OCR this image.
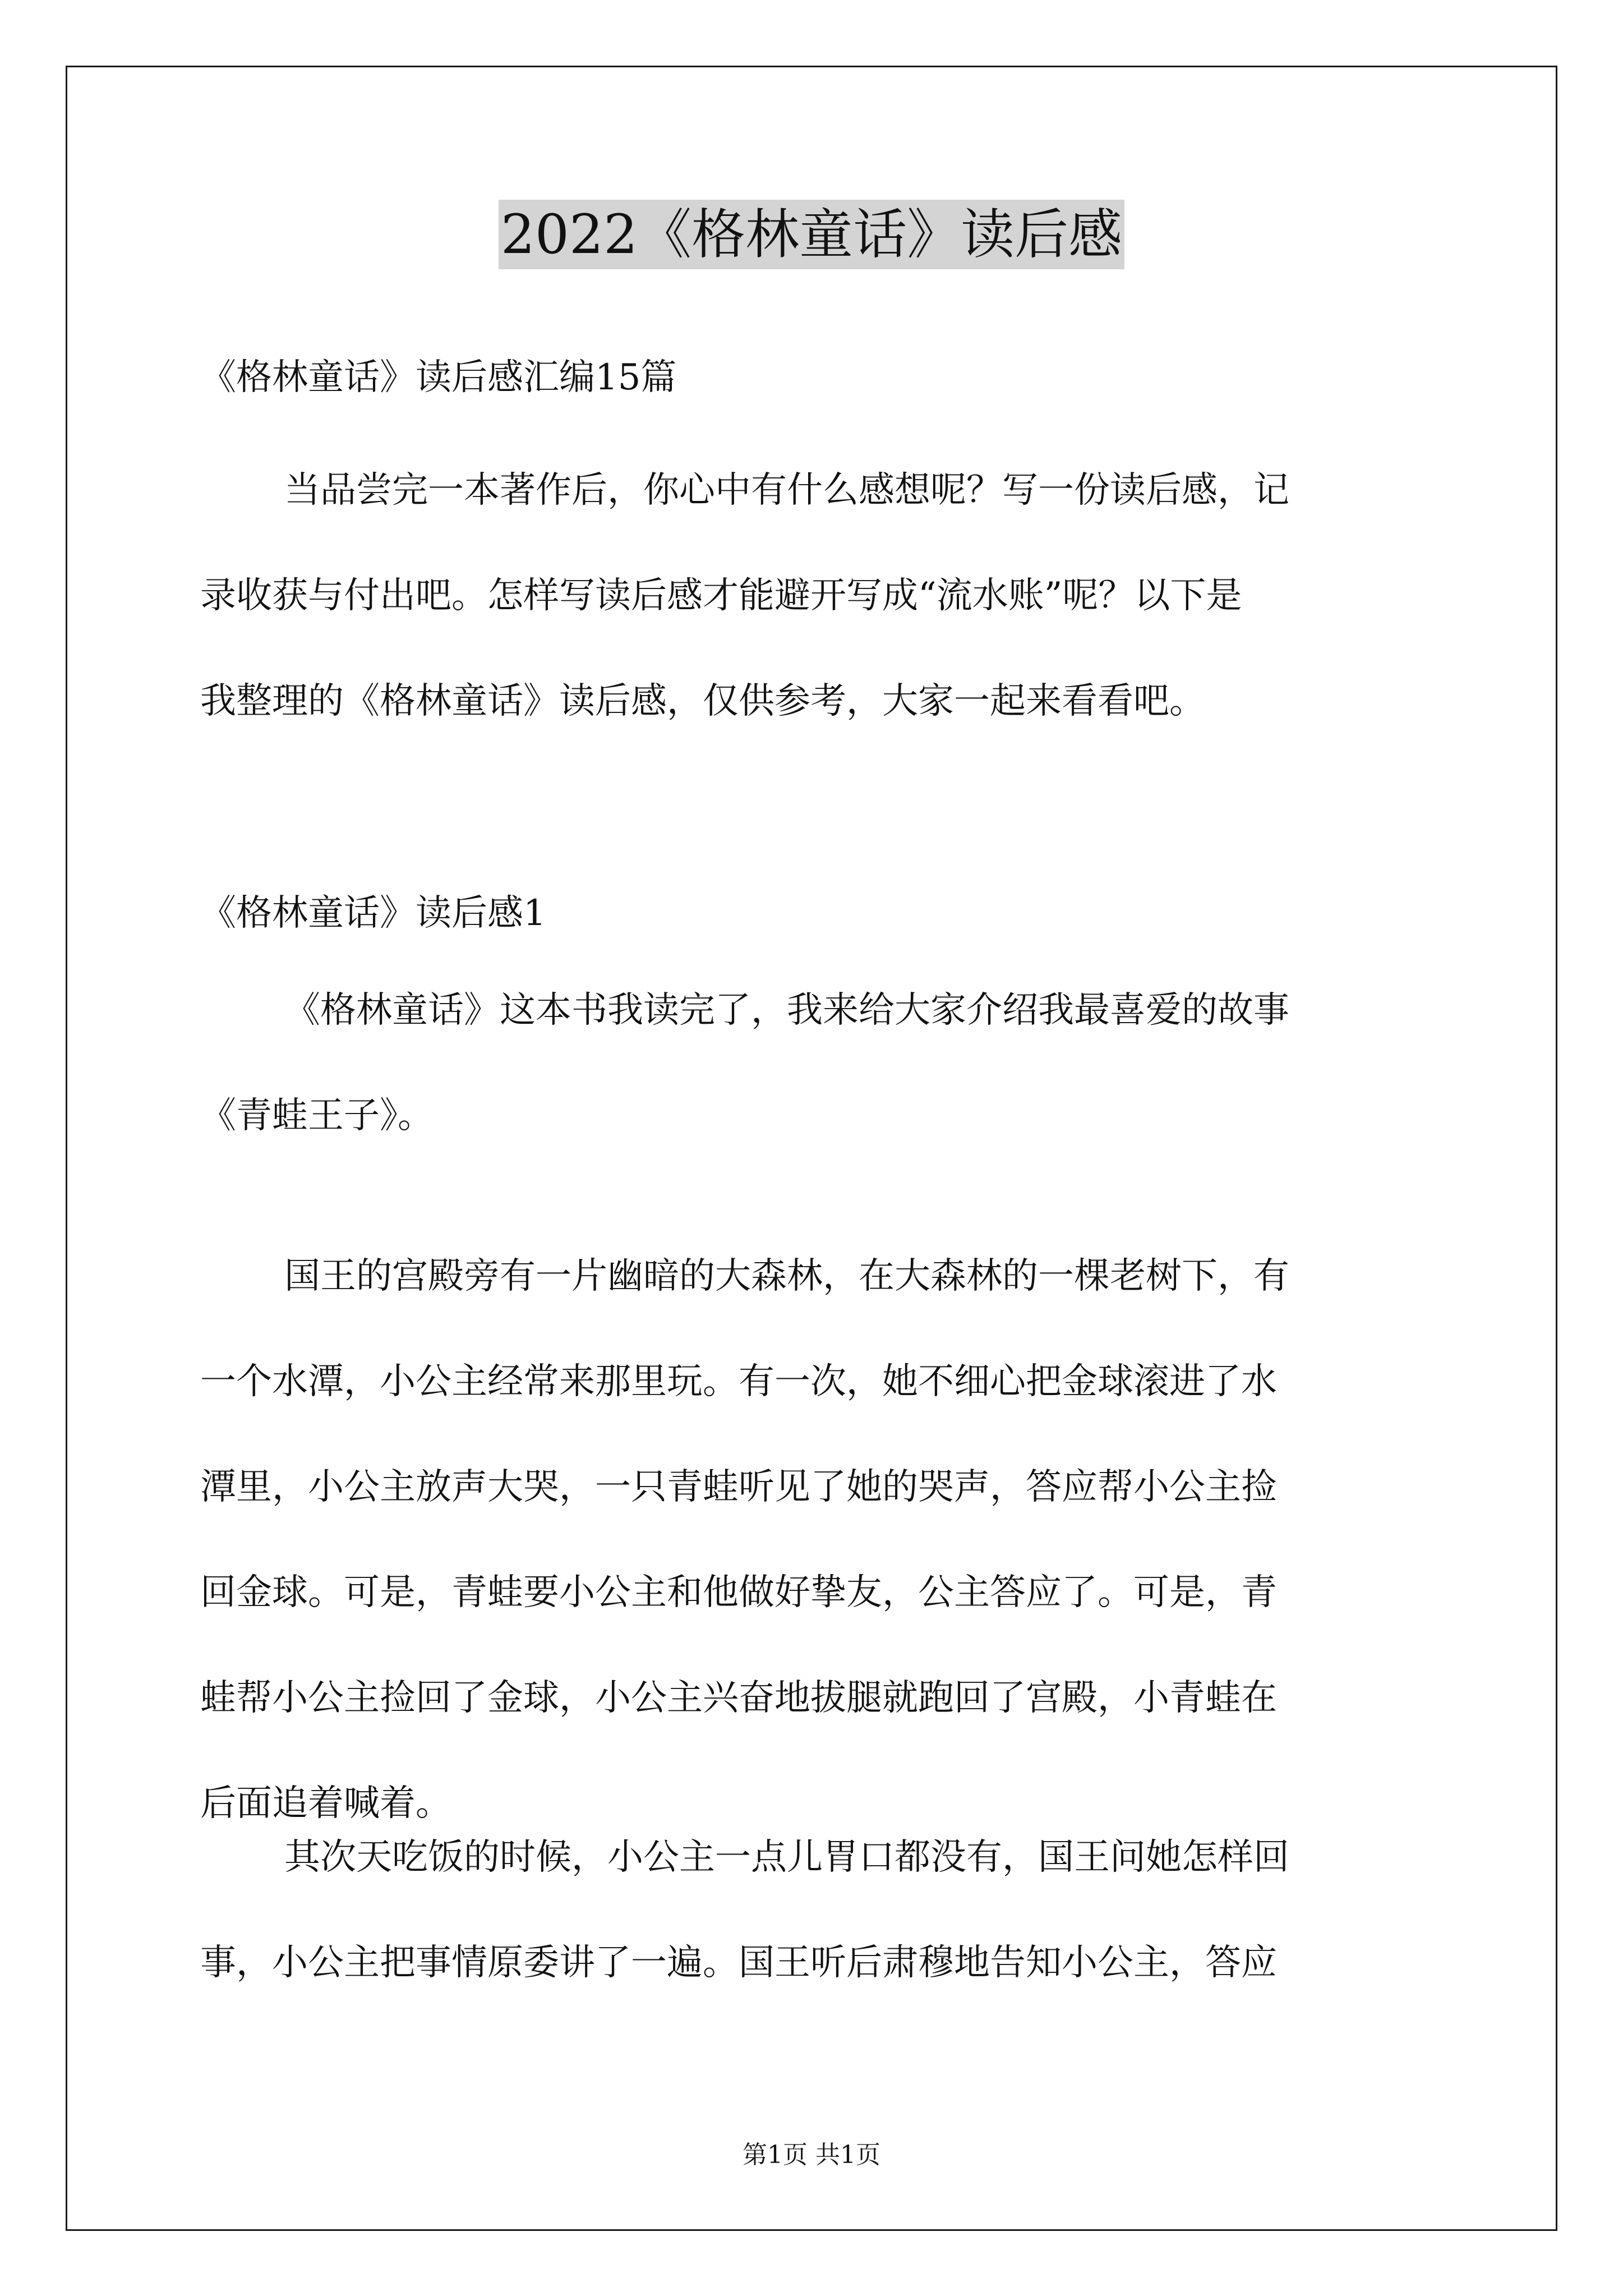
2022《格林童话》读后感

《格林童话》读后感汇编15篇

当品尝完一本著作后，你心中有什么感想呢？写一份读后感，记
录收获与付出吧。怎样写读后感才能避开写成“流水账”呢？以下是
我整理的《格林童话》读后感，仅供参考，大家一起来看看吧。

《格林童话》读后感1

《格林童话》这本书我读完了，我来给大家介绍我最喜爱的故事
《青蛙王子》。
国王的宫殿旁有一片幽暗的大森林，在大森林的一棵老树下，有
一个水潭，小公主经常来那里玩。有一次，她不细心把金球滚进了水
潭里，小公主放声大哭，一只青蛙听见了她的哭声，答应帮小公主捡
回金球。可是，青蛙要小公主和他做好挚友，公主答应了。可是，青
蛙帮小公主捡回了金球，小公主兴奋地拔腿就跑回了宫殿，小青蛙在
后面追着喊着。
其次天吃饭的时候，小公主一点儿胃口都没有，国王问她怎样回
事，小公主把事情原委讲了一遍。国王听后肃穆地告知小公主，答应

第1页 共1页
